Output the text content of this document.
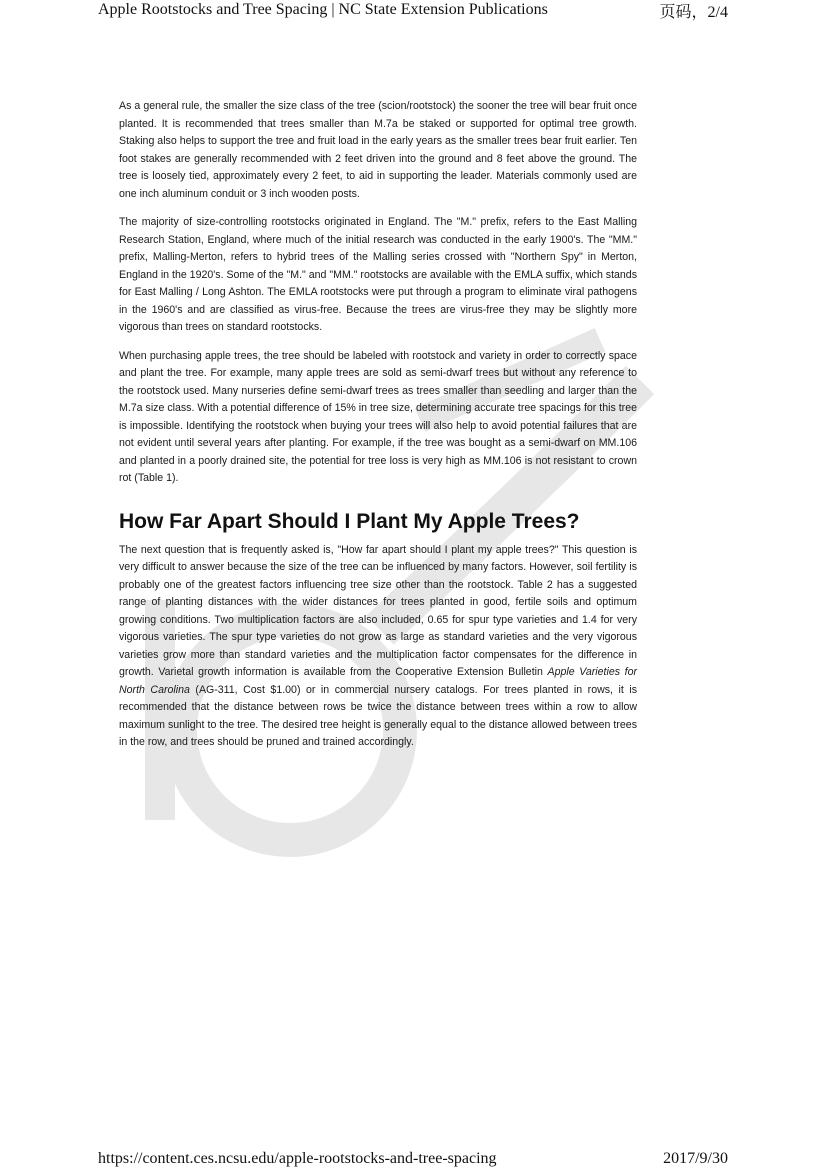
Apple Rootstocks and Tree Spacing | NC State Extension Publications	页码，2/4

As a general rule, the smaller the size class of the tree (scion/rootstock) the sooner the tree will bear fruit once planted. It is recommended that trees smaller than M.7a be staked or supported for optimal tree growth. Staking also helps to support the tree and fruit load in the early years as the smaller trees bear fruit earlier. Ten foot stakes are generally recommended with 2 feet driven into the ground and 8 feet above the ground. The tree is loosely tied, approximately every 2 feet, to aid in supporting the leader. Materials commonly used are one inch aluminum conduit or 3 inch wooden posts.

The majority of size-controlling rootstocks originated in England. The "M." prefix, refers to the East Malling Research Station, England, where much of the initial research was conducted in the early 1900's. The "MM." prefix, Malling-Merton, refers to hybrid trees of the Malling series crossed with "Northern Spy" in Merton, England in the 1920's. Some of the "M." and "MM." rootstocks are available with the EMLA suffix, which stands for East Malling / Long Ashton. The EMLA rootstocks were put through a program to eliminate viral pathogens in the 1960's and are classified as virus-free. Because the trees are virus-free they may be slightly more vigorous than trees on standard rootstocks.

When purchasing apple trees, the tree should be labeled with rootstock and variety in order to correctly space and plant the tree. For example, many apple trees are sold as semi-dwarf trees but without any reference to the rootstock used. Many nurseries define semi-dwarf trees as trees smaller than seedling and larger than the M.7a size class. With a potential difference of 15% in tree size, determining accurate tree spacings for this tree is impossible. Identifying the rootstock when buying your trees will also help to avoid potential failures that are not evident until several years after planting. For example, if the tree was bought as a semi-dwarf on MM.106 and planted in a poorly drained site, the potential for tree loss is very high as MM.106 is not resistant to crown rot (Table 1).

How Far Apart Should I Plant My Apple Trees?

The next question that is frequently asked is, "How far apart should I plant my apple trees?" This question is very difficult to answer because the size of the tree can be influenced by many factors. However, soil fertility is probably one of the greatest factors influencing tree size other than the rootstock. Table 2 has a suggested range of planting distances with the wider distances for trees planted in good, fertile soils and optimum growing conditions. Two multiplication factors are also included, 0.65 for spur type varieties and 1.4 for very vigorous varieties. The spur type varieties do not grow as large as standard varieties and the very vigorous varieties grow more than standard varieties and the multiplication factor compensates for the difference in growth. Varietal growth information is available from the Cooperative Extension Bulletin Apple Varieties for North Carolina (AG-311, Cost $1.00) or in commercial nursery catalogs. For trees planted in rows, it is recommended that the distance between rows be twice the distance between trees within a row to allow maximum sunlight to the tree. The desired tree height is generally equal to the distance allowed between trees in the row, and trees should be pruned and trained accordingly.

https://content.ces.ncsu.edu/apple-rootstocks-and-tree-spacing	2017/9/30
